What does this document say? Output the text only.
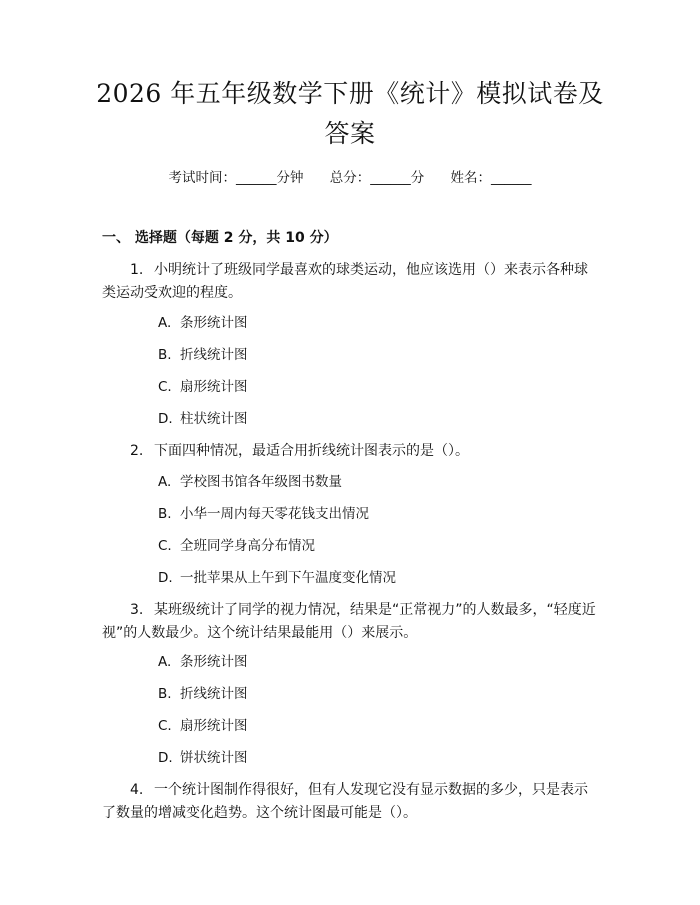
2026 年五年级数学下册《统计》模拟试卷及
答案
考试时间：______分钟 总分：______分 姓名：______
一、 选择题（每题 2 分，共 10 分）
1. 小明统计了班级同学最喜欢的球类运动，他应该选用（）来表示各种球类运动受欢迎的程度。
A. 条形统计图
B. 折线统计图
C. 扇形统计图
D. 柱状统计图
2. 下面四种情况，最适合用折线统计图表示的是（）。
A. 学校图书馆各年级图书数量
B. 小华一周内每天零花钱支出情况
C. 全班同学身高分布情况
D. 一批苹果从上午到下午温度变化情况
3. 某班级统计了同学的视力情况，结果是“正常视力”的人数最多，“轻度近视”的人数最少。这个统计结果最能用（）来展示。
A. 条形统计图
B. 折线统计图
C. 扇形统计图
D. 饼状统计图
4. 一个统计图制作得很好，但有人发现它没有显示数据的多少，只是表示了数量的增减变化趋势。这个统计图最可能是（）。
